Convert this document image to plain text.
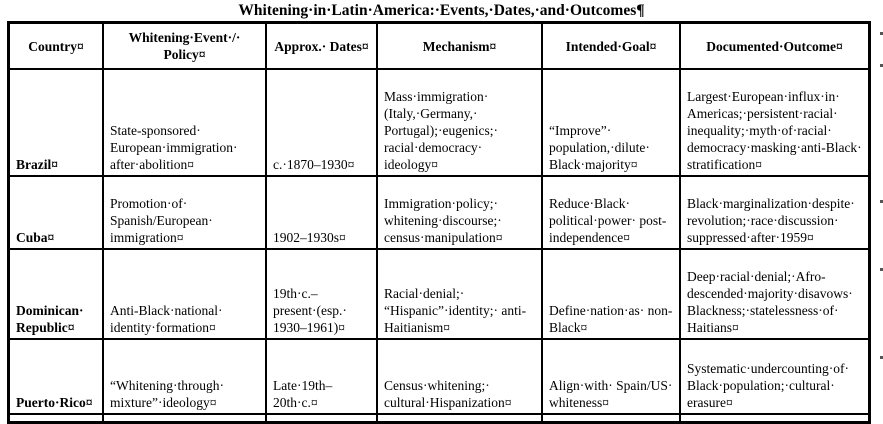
Whitening·in·Latin·America:·Events,·Dates,·and·Outcomes¶
Country¤	Whitening·Event·/· Policy¤	Approx.· Dates¤	Mechanism¤	Intended·Goal¤	Documented·Outcome¤
Brazil¤	State-sponsored· European·immigration· after·abolition¤	c.·1870–1930¤	Mass·immigration· (Italy,·Germany,· Portugal);·eugenics;· racial·democracy· ideology¤	“Improve”· population,·dilute· Black·majority¤	Largest·European·influx·in· Americas;·persistent·racial· inequality;·myth·of·racial· democracy·masking·anti-Black· stratification¤
Cuba¤	Promotion·of· Spanish/European· immigration¤	1902–1930s¤	Immigration·policy;· whitening·discourse;· census·manipulation¤	Reduce·Black· political·power· post-independence¤	Black·marginalization·despite· revolution;·race·discussion· suppressed·after·1959¤
Dominican· Republic¤	Anti-Black·national· identity·formation¤	19th·c.– present·(esp.· 1930–1961)¤	Racial·denial;· “Hispanic”·identity;· anti-Haitianism¤	Define·nation·as· non-Black¤	Deep·racial·denial;·Afro-descended·majority·disavows· Blackness;·statelessness·of· Haitians¤
Puerto·Rico¤	“Whitening·through· mixture”·ideology¤	Late·19th– 20th·c.¤	Census·whitening;· cultural·Hispanization¤	Align·with· Spain/US· whiteness¤	Systematic·undercounting·of· Black·population;·cultural· erasure¤
